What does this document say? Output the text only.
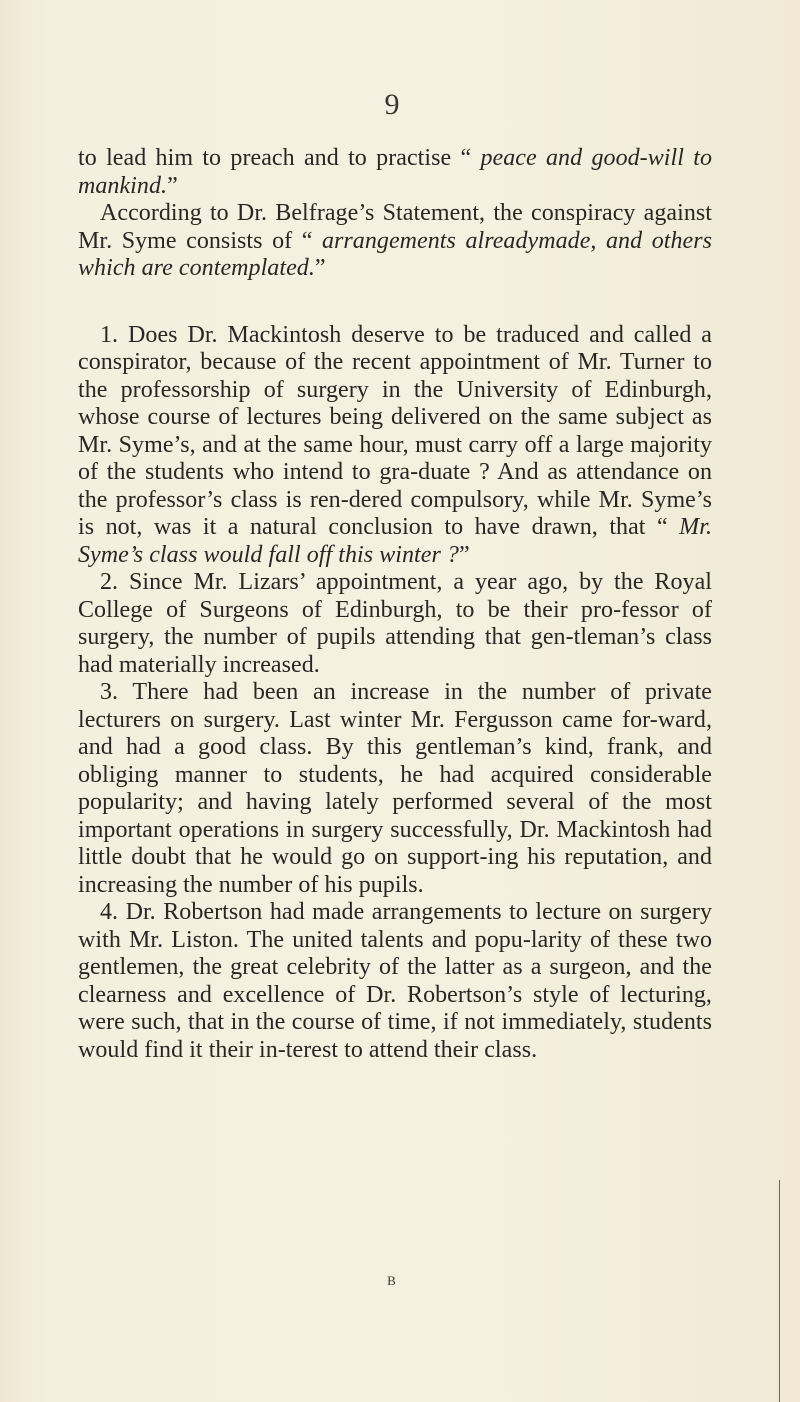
9

to lead him to preach and to practise “ peace and good-will to mankind.”

According to Dr. Belfrage’s Statement, the conspiracy against Mr. Syme consists of “ arrangements alreadymade, and others which are contemplated.”

1. Does Dr. Mackintosh deserve to be traduced and called a conspirator, because of the recent appointment of Mr. Turner to the professorship of surgery in the University of Edinburgh, whose course of lectures being delivered on the same subject as Mr. Syme’s, and at the same hour, must carry off a large majority of the students who intend to gra-duate ? And as attendance on the professor’s class is ren-dered compulsory, while Mr. Syme’s is not, was it a natural conclusion to have drawn, that “ Mr. Syme’s class would fall off this winter ?”

2. Since Mr. Lizars’ appointment, a year ago, by the Royal College of Surgeons of Edinburgh, to be their pro-fessor of surgery, the number of pupils attending that gen-tleman’s class had materially increased.

3. There had been an increase in the number of private lecturers on surgery. Last winter Mr. Fergusson came for-ward, and had a good class. By this gentleman’s kind, frank, and obliging manner to students, he had acquired considerable popularity; and having lately performed several of the most important operations in surgery successfully, Dr. Mackintosh had little doubt that he would go on support-ing his reputation, and increasing the number of his pupils.

4. Dr. Robertson had made arrangements to lecture on surgery with Mr. Liston. The united talents and popu-larity of these two gentlemen, the great celebrity of the latter as a surgeon, and the clearness and excellence of Dr. Robertson’s style of lecturing, were such, that in the course of time, if not immediately, students would find it their in-terest to attend their class.

B
